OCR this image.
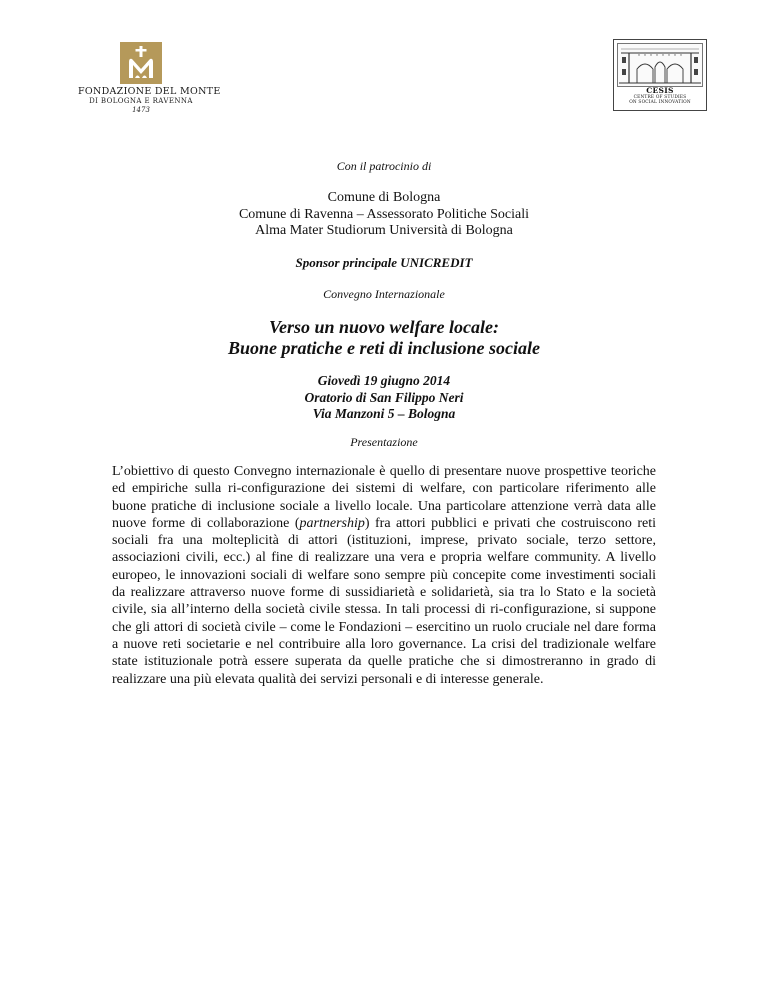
FONDAZIONE DEL MONTE
DI BOLOGNA E RAVENNA
1473
CESIS
CENTRE OF STUDIES
ON SOCIAL INNOVATION
Con il patrocinio di
Comune di Bologna
Comune di Ravenna – Assessorato Politiche Sociali
Alma Mater Studiorum Università di Bologna
Sponsor principale UNICREDIT
Convegno Internazionale
Verso un nuovo welfare locale:
Buone pratiche e reti di inclusione sociale
Giovedì 19 giugno 2014
Oratorio di San Filippo Neri
Via Manzoni 5 – Bologna
Presentazione
L’obiettivo di questo Convegno internazionale è quello di presentare nuove prospettive teoriche ed empiriche sulla ri-configurazione dei sistemi di welfare, con particolare riferimento alle buone pratiche di inclusione sociale a livello locale. Una particolare attenzione verrà data alle nuove forme di collaborazione (partnership) fra attori pubblici e privati che costruiscono reti sociali fra una molteplicità di attori (istituzioni, imprese, privato sociale, terzo settore, associazioni civili, ecc.) al fine di realizzare una vera e propria welfare community. A livello europeo, le innovazioni sociali di welfare sono sempre più concepite come investimenti sociali da realizzare attraverso nuove forme di sussidiarietà e solidarietà, sia tra lo Stato e la società civile, sia all’interno della società civile stessa. In tali processi di ri-configurazione, si suppone che gli attori di società civile – come le Fondazioni – esercitino un ruolo cruciale nel dare forma a nuove reti societarie e nel contribuire alla loro governance. La crisi del tradizionale welfare state istituzionale potrà essere superata da quelle pratiche che si dimostreranno in grado di realizzare una più elevata qualità dei servizi personali e di interesse generale.
